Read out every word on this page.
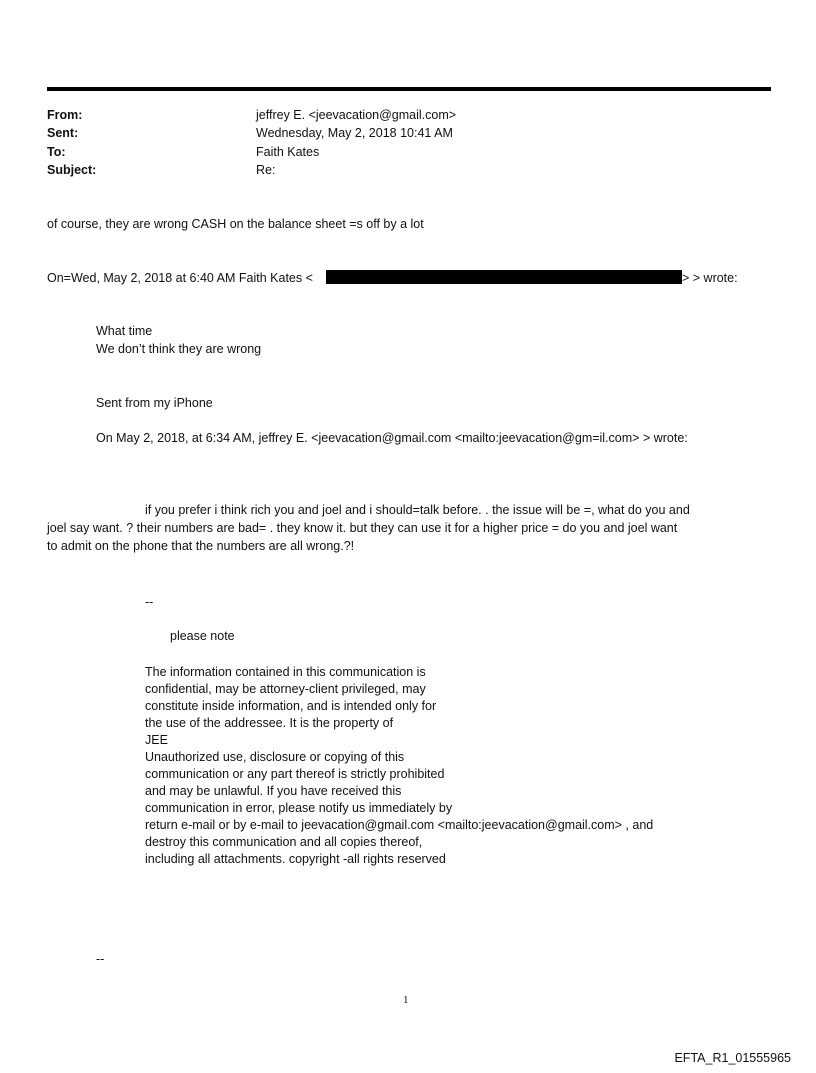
From:	jeffrey E. <jeevacation@gmail.com>
Sent:	Wednesday, May 2, 2018 10:41 AM
To:	Faith Kates
Subject:	Re:
of course, they are wrong CASH on the balance sheet =s off by a lot
On=Wed, May 2, 2018 at 6:40 AM Faith Kates <	> > wrote:
What time
We don’t think they are wrong
Sent from my iPhone
On May 2, 2018, at 6:34 AM, jeffrey E. <jeevacation@gmail.com <mailto:jeevacation@gm=il.com> > wrote:
if you prefer i think rich you and joel and i should=talk before. . the issue will be =, what do you and
joel say want. ? their numbers are bad= . they know it. but they can use it for a higher price = do you and joel want
to admit on the phone that the numbers are all wrong.?!
--
please note
The information contained in this communication is
confidential, may be attorney-client privileged, may
constitute inside information, and is intended only for
the use of the addressee. It is the property of
JEE
Unauthorized use, disclosure or copying of this
communication or any part thereof is strictly prohibited
and may be unlawful. If you have received this
communication in error, please notify us immediately by
return e-mail or by e-mail to jeevacation@gmail.com <mailto:jeevacation@gmail.com> , and
destroy this communication and all copies thereof,
including all attachments. copyright -all rights reserved
--
1
EFTA_R1_01555965
